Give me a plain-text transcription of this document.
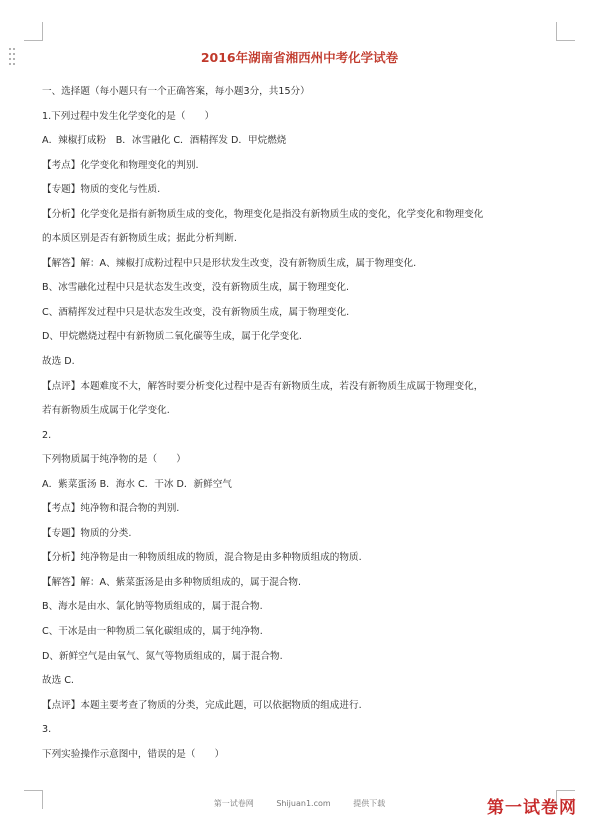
2016年湖南省湘西州中考化学试卷
一、选择题（每小题只有一个正确答案，每小题3分，共15分）
1.下列过程中发生化学变化的是（　　）
A．辣椒打成粉　B．冰雪融化 C．酒精挥发 D．甲烷燃烧
【考点】化学变化和物理变化的判别.
【专题】物质的变化与性质.
【分析】化学变化是指有新物质生成的变化，物理变化是指没有新物质生成的变化，化学变化和物理变化
的本质区别是否有新物质生成；据此分析判断.
【解答】解：A、辣椒打成粉过程中只是形状发生改变，没有新物质生成，属于物理变化.
B、冰雪融化过程中只是状态发生改变，没有新物质生成，属于物理变化.
C、酒精挥发过程中只是状态发生改变，没有新物质生成，属于物理变化.
D、甲烷燃烧过程中有新物质二氧化碳等生成，属于化学变化.
故选 D.
【点评】本题难度不大，解答时要分析变化过程中是否有新物质生成，若没有新物质生成属于物理变化，
若有新物质生成属于化学变化.
2.
下列物质属于纯净物的是（　　）
A．紫菜蛋汤 B．海水 C．干冰 D．新鲜空气
【考点】纯净物和混合物的判别.
【专题】物质的分类.
【分析】纯净物是由一种物质组成的物质，混合物是由多种物质组成的物质.
【解答】解：A、紫菜蛋汤是由多种物质组成的，属于混合物.
B、海水是由水、氯化钠等物质组成的，属于混合物.
C、干冰是由一种物质二氧化碳组成的，属于纯净物.
D、新鲜空气是由氧气、氮气等物质组成的，属于混合物.
故选 C.
【点评】本题主要考查了物质的分类，完成此题，可以依据物质的组成进行.
3.
下列实验操作示意图中，错误的是（　　）
第一试卷网	Shijuan1.com	提供下载	第一试卷网
